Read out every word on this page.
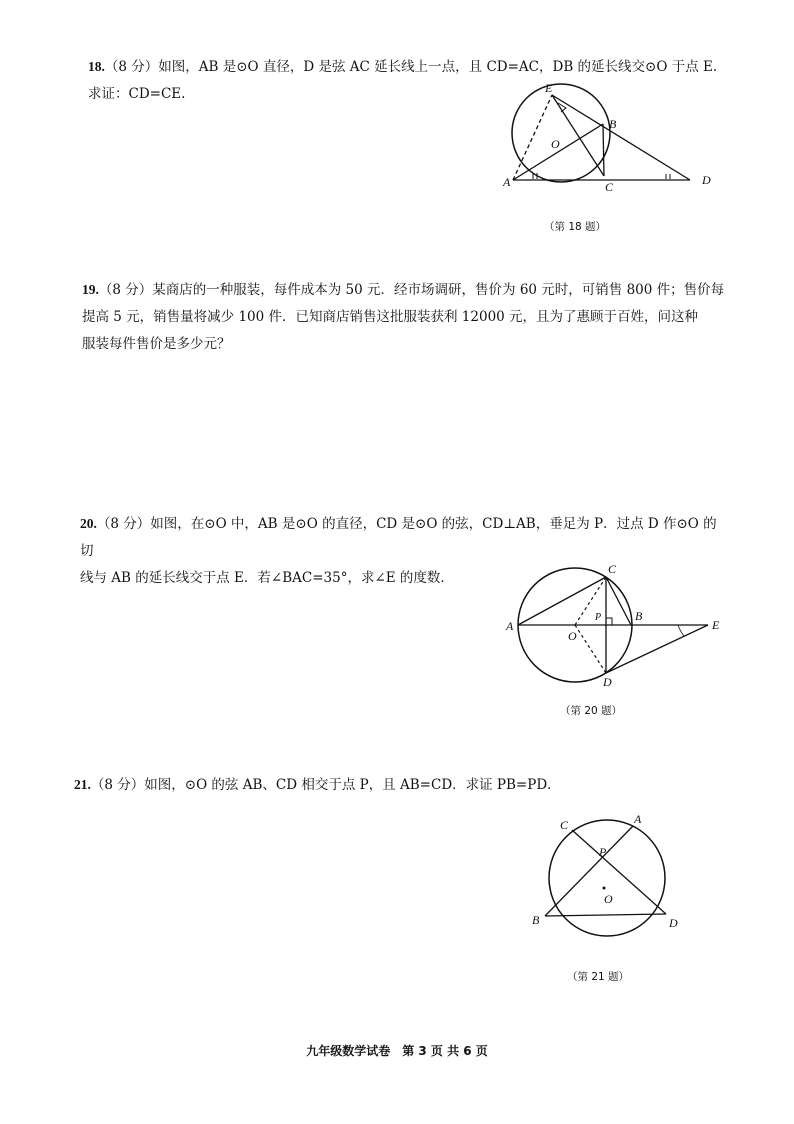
18.（8 分）如图，AB 是⊙O 直径，D 是弦 AC 延长线上一点，且 CD=AC，DB 的延长线交⊙O 于点 E.
求证：CD=CE.	E
B
O
A	C	D
（第 18 题）
19.（8 分）某商店的一种服装，每件成本为 50 元．经市场调研，售价为 60 元时，可销售 800 件；售价每
提高 5 元，销售量将减少 100 件．已知商店销售这批服装获利 12000 元，且为了惠顾于百姓，问这种
服装每件售价是多少元？
20.（8 分）如图，在⊙O 中，AB 是⊙O 的直径，CD 是⊙O 的弦，CD⊥AB，垂足为 P．过点 D 作⊙O 的切
线与 AB 的延长线交于点 E．若∠BAC=35°，求∠E 的度数．
C
A
P	B
O
E
D
（第 20 题）
21.（8 分）如图，⊙O 的弦 AB、CD 相交于点 P，且 AB=CD．求证 PB=PD．
C	A
P
O
B	D
（第 21 题）
九年级数学试卷　第 3 页 共 6 页
